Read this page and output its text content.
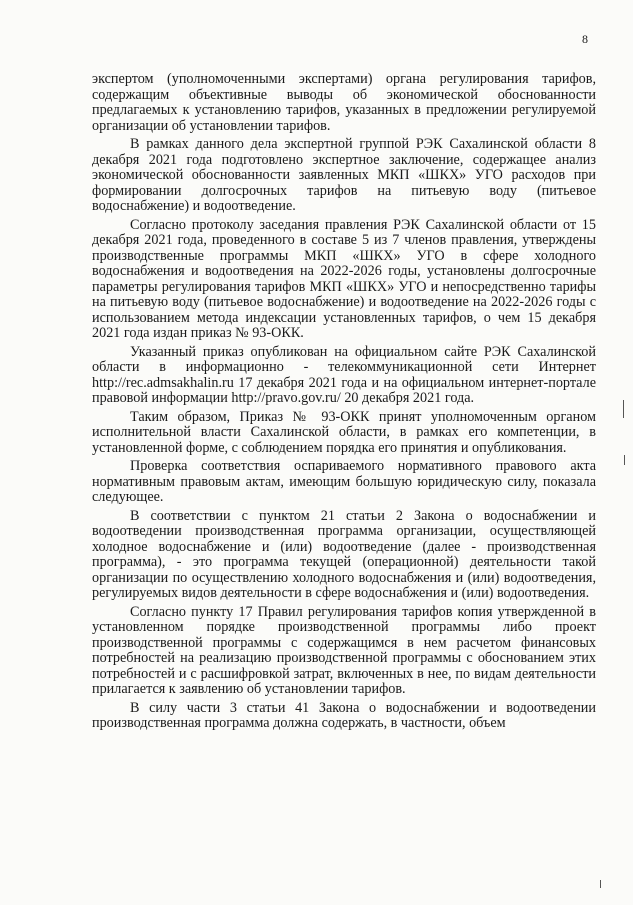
8

экспертом (уполномоченными экспертами) органа регулирования тарифов, содержащим объективные выводы об экономической обоснованности предлагаемых к установлению тарифов, указанных в предложении регулируемой организации об установлении тарифов.

В рамках данного дела экспертной группой РЭК Сахалинской области 8 декабря 2021 года подготовлено экспертное заключение, содержащее анализ экономической обоснованности заявленных МКП «ШКХ» УГО расходов при формировании долгосрочных тарифов на питьевую воду (питьевое водоснабжение) и водоотведение.

Согласно протоколу заседания правления РЭК Сахалинской области от 15 декабря 2021 года, проведенного в составе 5 из 7 членов правления, утверждены производственные программы МКП «ШКХ» УГО в сфере холодного водоснабжения и водоотведения на 2022-2026 годы, установлены долгосрочные параметры регулирования тарифов МКП «ШКХ» УГО и непосредственно тарифы на питьевую воду (питьевое водоснабжение) и водоотведение на 2022-2026 годы с использованием метода индексации установленных тарифов, о чем 15 декабря 2021 года издан приказ № 93-ОКК.

Указанный приказ опубликован на официальном сайте РЭК Сахалинской области в информационно - телекоммуникационной сети Интернет http://rec.admsakhalin.ru 17 декабря 2021 года и на официальном интернет-портале правовой информации http://pravo.gov.ru/ 20 декабря 2021 года.

Таким образом, Приказ № 93-ОКК принят уполномоченным органом исполнительной власти Сахалинской области, в рамках его компетенции, в установленной форме, с соблюдением порядка его принятия и опубликования.

Проверка соответствия оспариваемого нормативного правового акта нормативным правовым актам, имеющим большую юридическую силу, показала следующее.

В соответствии с пунктом 21 статьи 2 Закона о водоснабжении и водоотведении производственная программа организации, осуществляющей холодное водоснабжение и (или) водоотведение (далее - производственная программа), - это программа текущей (операционной) деятельности такой организации по осуществлению холодного водоснабжения и (или) водоотведения, регулируемых видов деятельности в сфере водоснабжения и (или) водоотведения.

Согласно пункту 17 Правил регулирования тарифов копия утвержденной в установленном порядке производственной программы либо проект производственной программы с содержащимся в нем расчетом финансовых потребностей на реализацию производственной программы с обоснованием этих потребностей и с расшифровкой затрат, включенных в нее, по видам деятельности прилагается к заявлению об установлении тарифов.

В силу части 3 статьи 41 Закона о водоснабжении и водоотведении производственная программа должна содержать, в частности, объем
